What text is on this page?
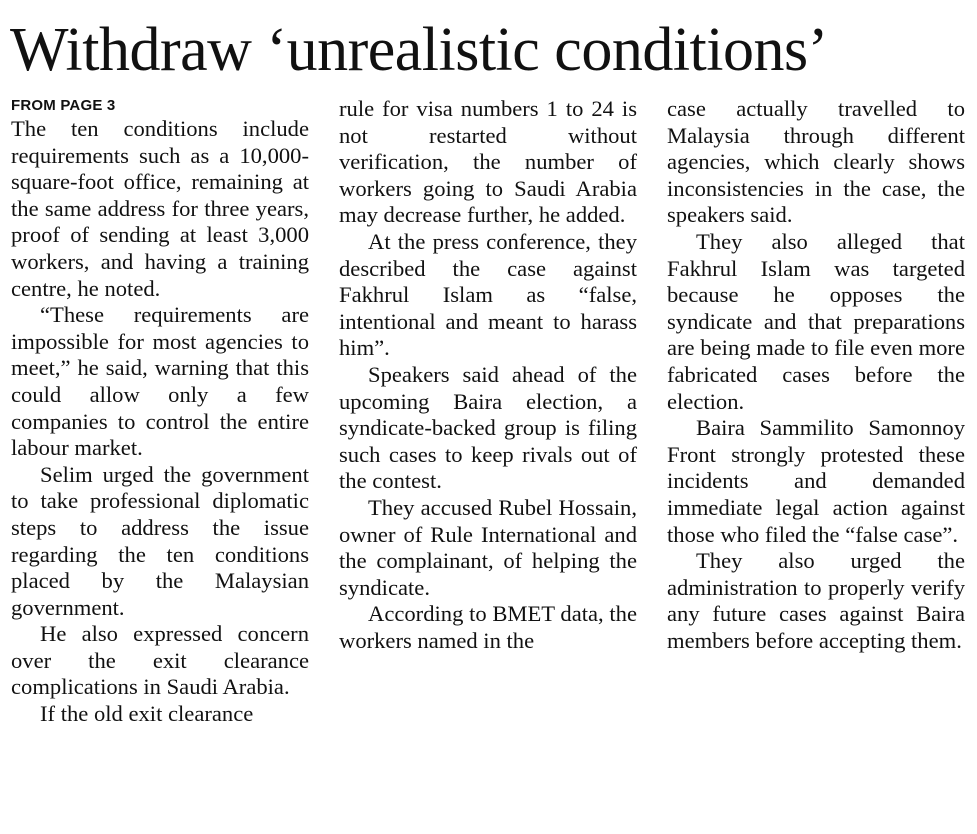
Withdraw ‘unrealistic conditions’
FROM PAGE 3

The ten conditions include requirements such as a 10,000-square-foot office, remaining at the same address for three years, proof of sending at least 3,000 workers, and having a training centre, he noted.

“These requirements are impossible for most agencies to meet,” he said, warning that this could allow only a few companies to control the entire labour market.

Selim urged the government to take professional diplomatic steps to address the issue regarding the ten conditions placed by the Malaysian government.

He also expressed concern over the exit clearance complications in Saudi Arabia.

If the old exit clearance

rule for visa numbers 1 to 24 is not restarted without verification, the number of workers going to Saudi Arabia may decrease further, he added.

At the press conference, they described the case against Fakhrul Islam as “false, intentional and meant to harass him”.

Speakers said ahead of the upcoming Baira election, a syndicate-backed group is filing such cases to keep rivals out of the contest.

They accused Rubel Hossain, owner of Rule International and the complainant, of helping the syndicate.

According to BMET data, the workers named in the

case actually travelled to Malaysia through different agencies, which clearly shows inconsistencies in the case, the speakers said.

They also alleged that Fakhrul Islam was targeted because he opposes the syndicate and that preparations are being made to file even more fabricated cases before the election.

Baira Sammilito Samonnoy Front strongly protested these incidents and demanded immediate legal action against those who filed the “false case”.

They also urged the administration to properly verify any future cases against Baira members before accepting them.
